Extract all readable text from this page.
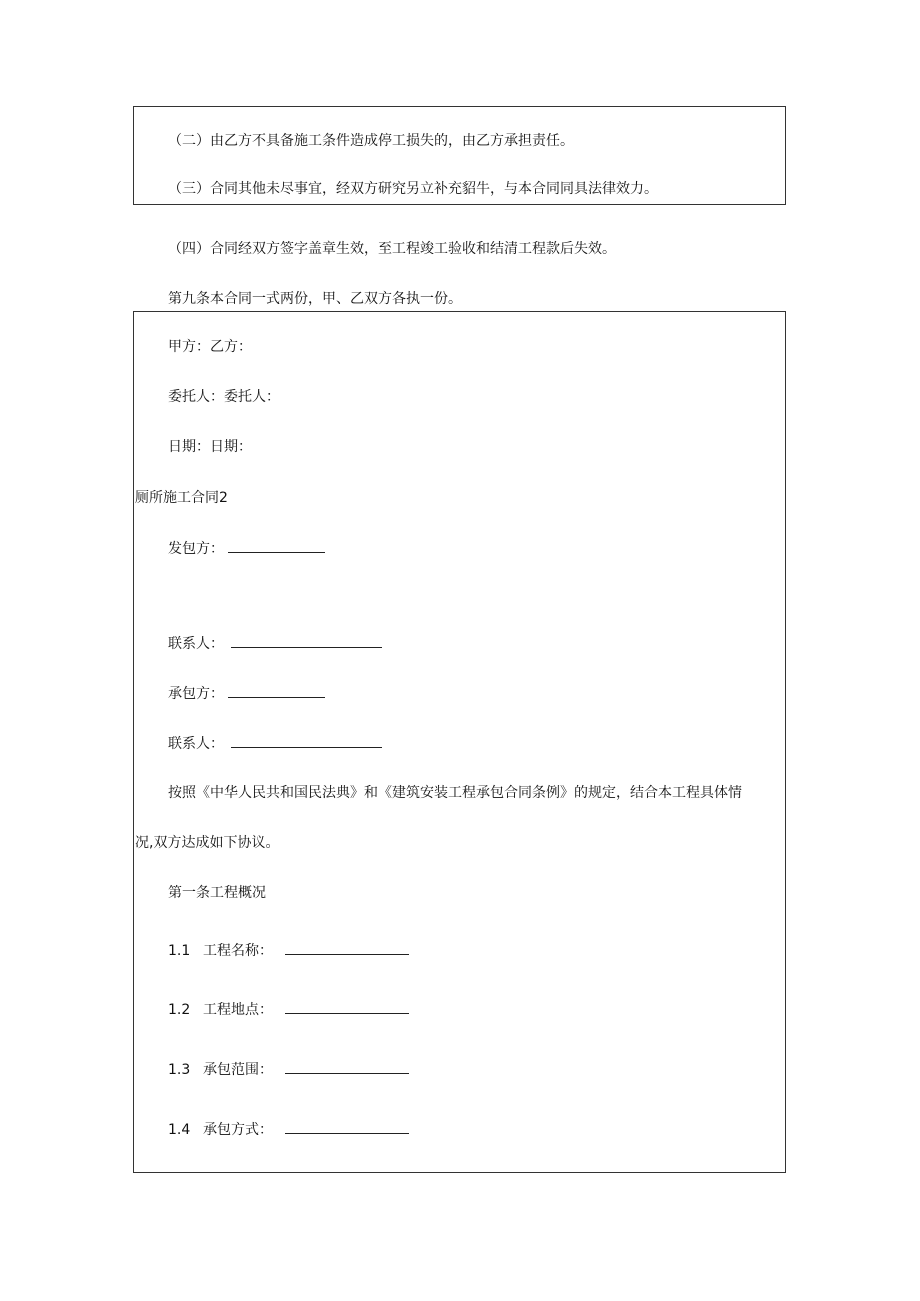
（二）由乙方不具备施工条件造成停工损失的，由乙方承担责任。
（三）合同其他未尽事宜，经双方研究另立补充貂牛，与本合同同具法律效力。
（四）合同经双方签字盖章生效，至工程竣工验收和结清工程款后失效。
第九条本合同一式两份，甲、乙双方各执一份。
甲方：乙方：
委托人：委托人：
日期：日期：
厕所施工合同2
发包方：
联系人：
承包方：
联系人：
按照《中华人民共和国民法典》和《建筑安装工程承包合同条例》的规定，结合本工程具体情
况,双方达成如下协议。
第一条工程概况
1.1 工程名称：
1.2 工程地点：
1.3 承包范围：
1.4 承包方式：
